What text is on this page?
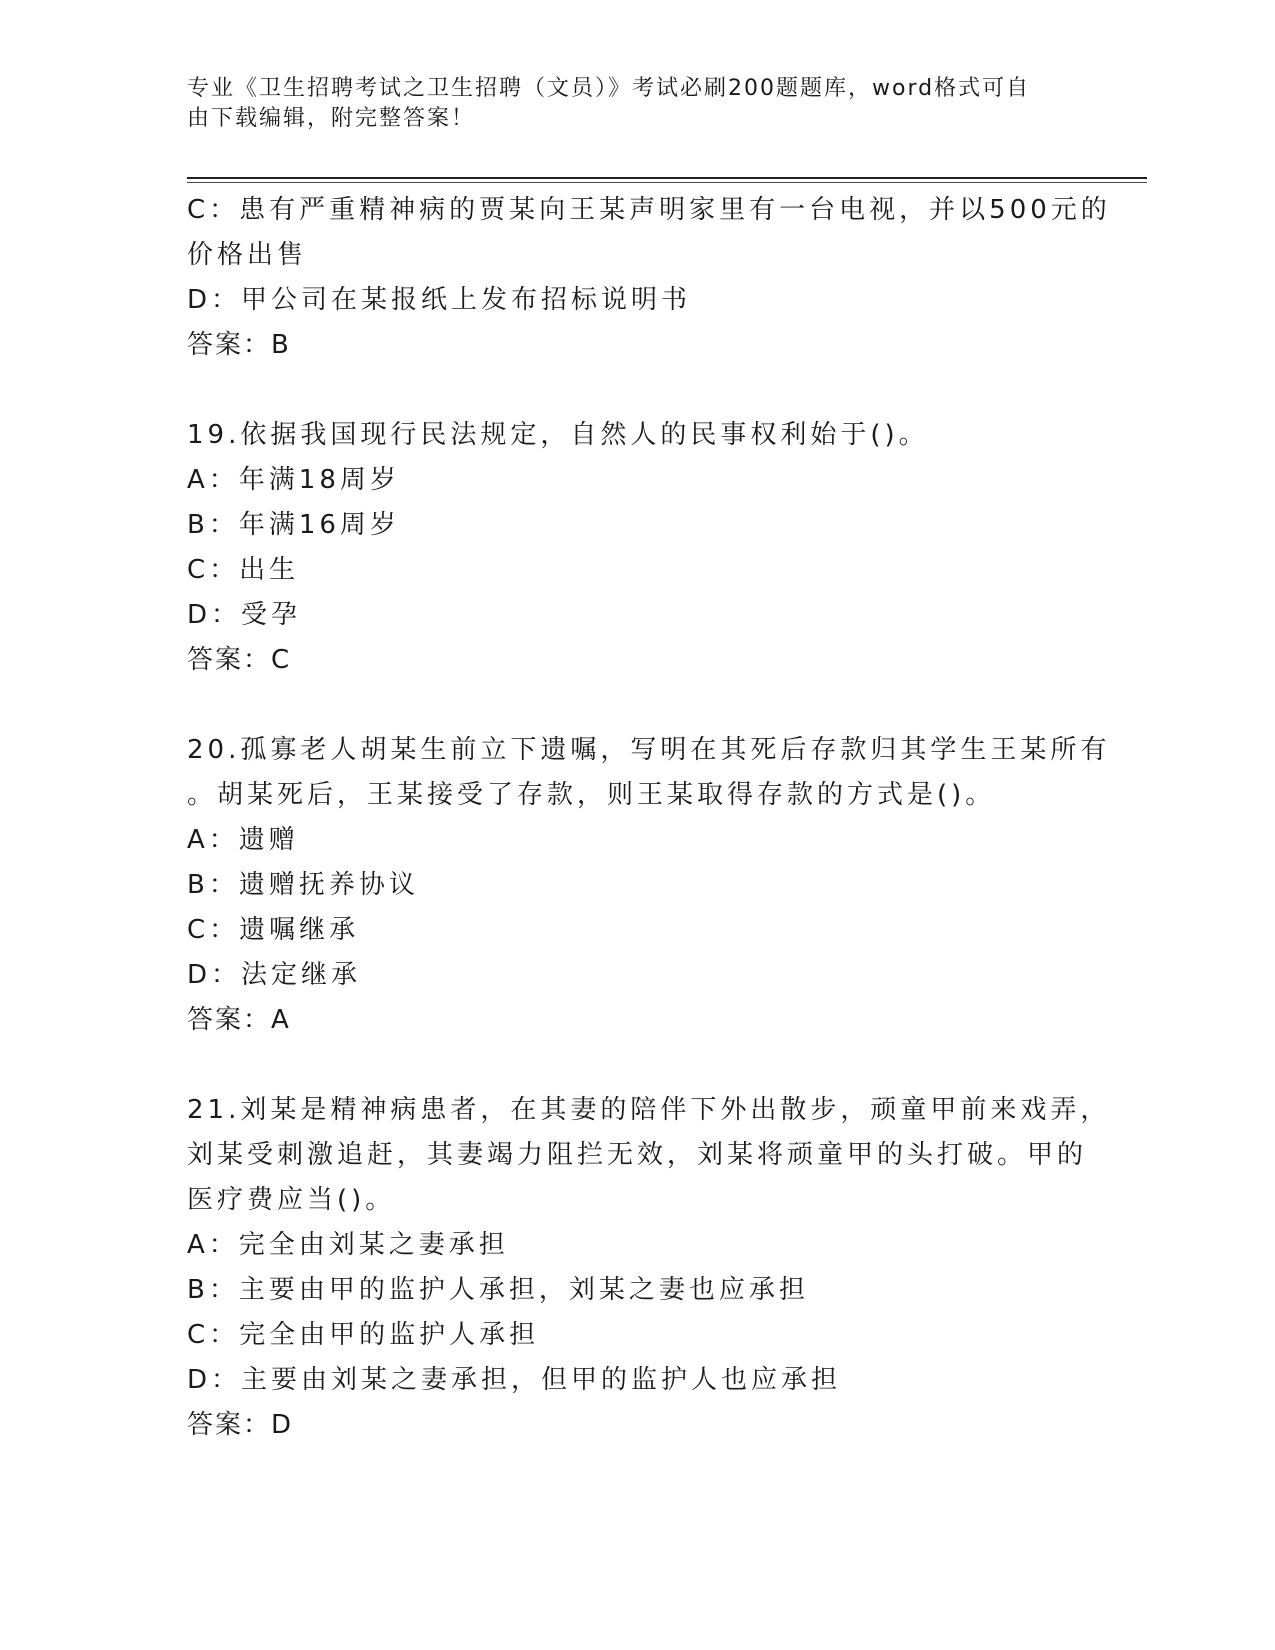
专业《卫生招聘考试之卫生招聘（文员）》考试必刷200题题库，word格式可自
由下载编辑，附完整答案！
C：患有严重精神病的贾某向王某声明家里有一台电视，并以500元的
价格出售
D：甲公司在某报纸上发布招标说明书
答案：B
19.依据我国现行民法规定，自然人的民事权利始于()。
A：年满18周岁
B：年满16周岁
C：出生
D：受孕
答案：C
20.孤寡老人胡某生前立下遗嘱，写明在其死后存款归其学生王某所有
。胡某死后，王某接受了存款，则王某取得存款的方式是()。
A：遗赠
B：遗赠抚养协议
C：遗嘱继承
D：法定继承
答案：A
21.刘某是精神病患者，在其妻的陪伴下外出散步，顽童甲前来戏弄，
刘某受刺激追赶，其妻竭力阻拦无效，刘某将顽童甲的头打破。甲的
医疗费应当()。
A：完全由刘某之妻承担
B：主要由甲的监护人承担，刘某之妻也应承担
C：完全由甲的监护人承担
D：主要由刘某之妻承担，但甲的监护人也应承担
答案：D
